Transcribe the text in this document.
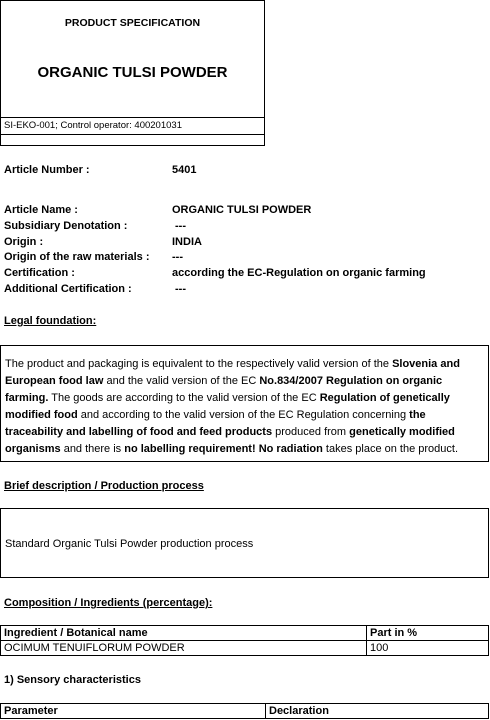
PRODUCT SPECIFICATION
ORGANIC TULSI POWDER
SI-EKO-001; Control operator: 400201031
Article Number :	5401
Article Name :	ORGANIC TULSI POWDER
Subsidiary Denotation :	---
Origin :	INDIA
Origin of the raw materials : ---
Certification :	according the EC-Regulation on organic farming
Additional Certification :	---
Legal foundation:
The product and packaging is equivalent to the respectively valid version of the Slovenia and European food law and the valid version of the EC No.834/2007 Regulation on organic farming. The goods are according to the valid version of the EC Regulation of genetically modified food and according to the valid version of the EC Regulation concerning the traceability and labelling of food and feed products produced from genetically modified organisms and there is no labelling requirement! No radiation takes place on the product.
Brief description / Production process
Standard Organic Tulsi Powder production process
Composition / Ingredients (percentage):
Ingredient / Botanical name	Part in %
OCIMUM TENUIFLORUM POWDER	100
1) Sensory characteristics
Parameter	Declaration
